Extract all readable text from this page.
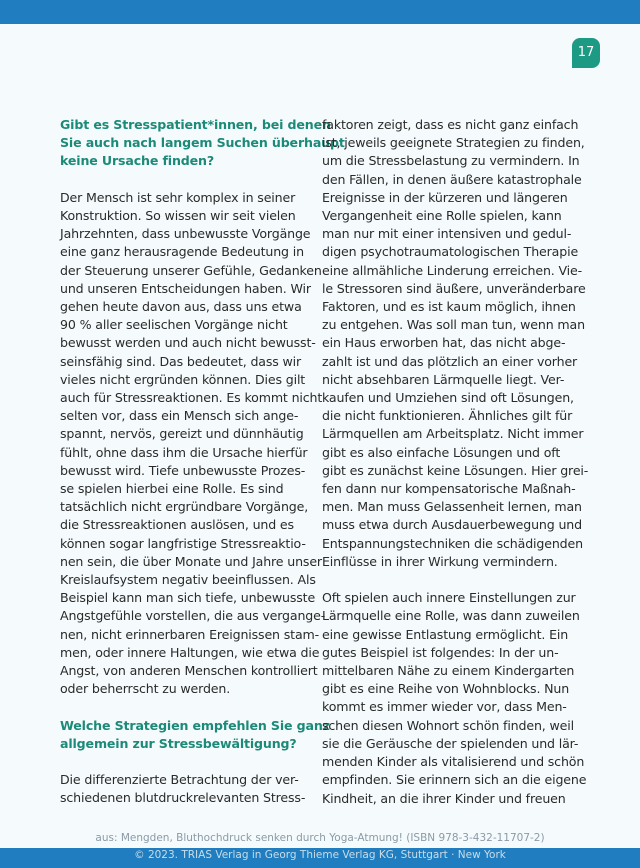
17
Gibt es Stresspatient*innen, bei denen
Sie auch nach langem Suchen überhaupt
keine Ursache finden?

Der Mensch ist sehr komplex in seiner
Konstruktion. So wissen wir seit vielen
Jahrzehnten, dass unbewusste Vorgänge
eine ganz herausragende Bedeutung in
der Steuerung unserer Gefühle, Gedanken
und unseren Entscheidungen haben. Wir
gehen heute davon aus, dass uns etwa
90 % aller seelischen Vorgänge nicht
bewusst werden und auch nicht bewusst-
seinsfähig sind. Das bedeutet, dass wir
vieles nicht ergründen können. Dies gilt
auch für Stressreaktionen. Es kommt nicht
selten vor, dass ein Mensch sich ange-
spannt, nervös, gereizt und dünnhäutig
fühlt, ohne dass ihm die Ursache hierfür
bewusst wird. Tiefe unbewusste Prozes-
se spielen hierbei eine Rolle. Es sind
tatsächlich nicht ergründbare Vorgänge,
die Stressreaktionen auslösen, und es
können sogar langfristige Stressreaktio-
nen sein, die über Monate und Jahre unser
Kreislaufsystem negativ beeinflussen. Als
Beispiel kann man sich tiefe, unbewusste
Angstgefühle vorstellen, die aus vergange-
nen, nicht erinnerbaren Ereignissen stam-
men, oder innere Haltungen, wie etwa die
Angst, von anderen Menschen kontrolliert
oder beherrscht zu werden.

Welche Strategien empfehlen Sie ganz
allgemein zur Stressbewältigung?

Die differenzierte Betrachtung der ver-
schiedenen blutdruckrelevanten Stress-

faktoren zeigt, dass es nicht ganz einfach
ist, jeweils geeignete Strategien zu finden,
um die Stressbelastung zu vermindern. In
den Fällen, in denen äußere katastrophale
Ereignisse in der kürzeren und längeren
Vergangenheit eine Rolle spielen, kann
man nur mit einer intensiven und gedul-
digen psychotraumatologischen Therapie
eine allmähliche Linderung erreichen. Vie-
le Stressoren sind äußere, unveränderbare
Faktoren, und es ist kaum möglich, ihnen
zu entgehen. Was soll man tun, wenn man
ein Haus erworben hat, das nicht abge-
zahlt ist und das plötzlich an einer vorher
nicht absehbaren Lärmquelle liegt. Ver-
kaufen und Umziehen sind oft Lösungen,
die nicht funktionieren. Ähnliches gilt für
Lärmquellen am Arbeitsplatz. Nicht immer
gibt es also einfache Lösungen und oft
gibt es zunächst keine Lösungen. Hier grei-
fen dann nur kompensatorische Maßnah-
men. Man muss Gelassenheit lernen, man
muss etwa durch Ausdauerbewegung und
Entspannungstechniken die schädigenden
Einflüsse in ihrer Wirkung vermindern.

Oft spielen auch innere Einstellungen zur
Lärmquelle eine Rolle, was dann zuweilen
eine gewisse Entlastung ermöglicht. Ein
gutes Beispiel ist folgendes: In der un-
mittelbaren Nähe zu einem Kindergarten
gibt es eine Reihe von Wohnblocks. Nun
kommt es immer wieder vor, dass Men-
schen diesen Wohnort schön finden, weil
sie die Geräusche der spielenden und lär-
menden Kinder als vitalisierend und schön
empfinden. Sie erinnern sich an die eigene
Kindheit, an die ihrer Kinder und freuen

aus: Mengden, Bluthochdruck senken durch Yoga-Atmung! (ISBN 978-3-432-11707-2)
© 2023. TRIAS Verlag in Georg Thieme Verlag KG, Stuttgart · New York
